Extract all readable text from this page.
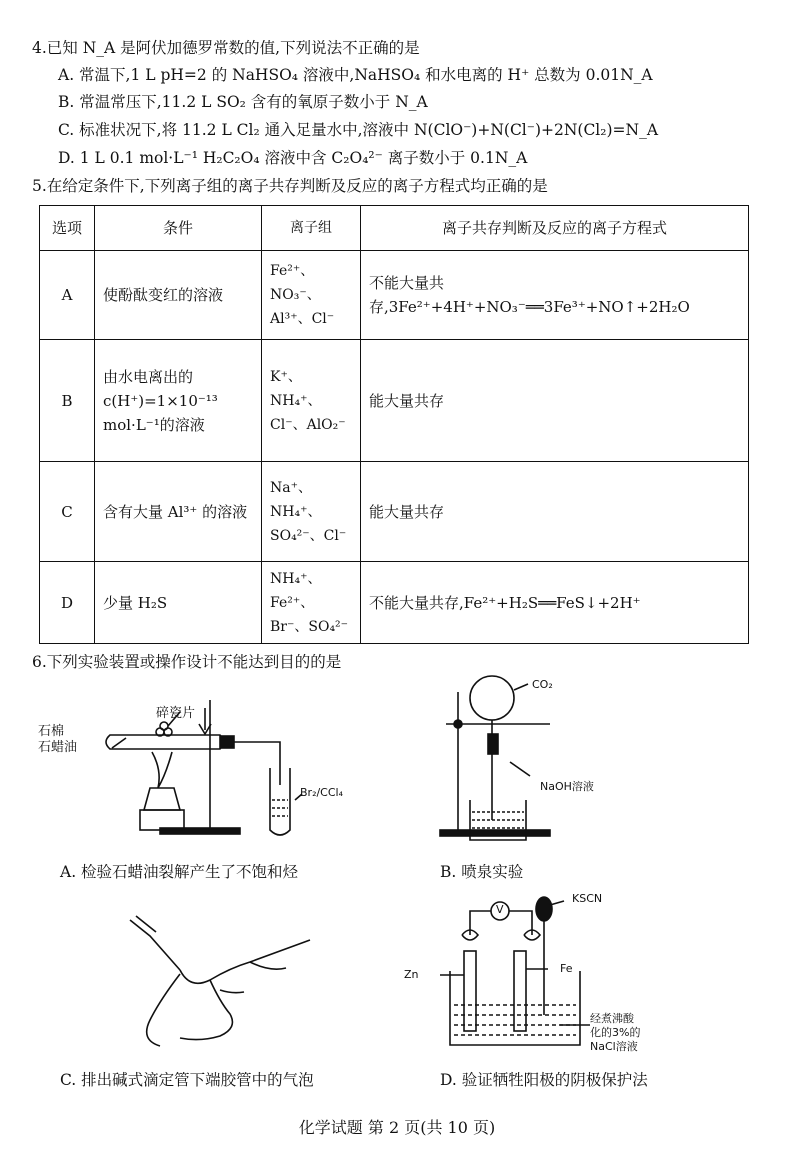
4.已知 N_A 是阿伏加德罗常数的值,下列说法不正确的是
A. 常温下,1 L pH=2 的 NaHSO₄ 溶液中,NaHSO₄ 和水电离的 H⁺ 总数为 0.01N_A
B. 常温常压下,11.2 L SO₂ 含有的氧原子数小于 N_A
C. 标准状况下,将 11.2 L Cl₂ 通入足量水中,溶液中 N(ClO⁻)+N(Cl⁻)+2N(Cl₂)=N_A
D. 1 L 0.1 mol·L⁻¹ H₂C₂O₄ 溶液中含 C₂O₄²⁻ 离子数小于 0.1N_A
5.在给定条件下,下列离子组的离子共存判断及反应的离子方程式均正确的是
选项	条件	离子组	离子共存判断及反应的离子方程式
A	使酚酞变红的溶液	Fe²⁺、NO₃⁻、Al³⁺、Cl⁻	不能大量共存,3Fe²⁺+4H⁺+NO₃⁻══3Fe³⁺+NO↑+2H₂O
B	由水电离出的 c(H⁺)=1×10⁻¹³ mol·L⁻¹的溶液	K⁺、NH₄⁺、Cl⁻、AlO₂⁻	能大量共存
C	含有大量 Al³⁺ 的溶液	Na⁺、NH₄⁺、SO₄²⁻、Cl⁻	能大量共存
D	少量 H₂S	NH₄⁺、Fe²⁺、Br⁻、SO₄²⁻	不能大量共存,Fe²⁺+H₂S══FeS↓+2H⁺
6.下列实验装置或操作设计不能达到目的的是
石棉
石蜡油
碎瓷片
Br₂/CCl₄
A. 检验石蜡油裂解产生了不饱和烃
CO₂
NaOH溶液
B. 喷泉实验
C. 排出碱式滴定管下端胶管中的气泡
KSCN
V
Zn	Fe
经煮沸酸
化的3%的
NaCl溶液
D. 验证牺牲阳极的阴极保护法
化学试题 第 2 页(共 10 页)
